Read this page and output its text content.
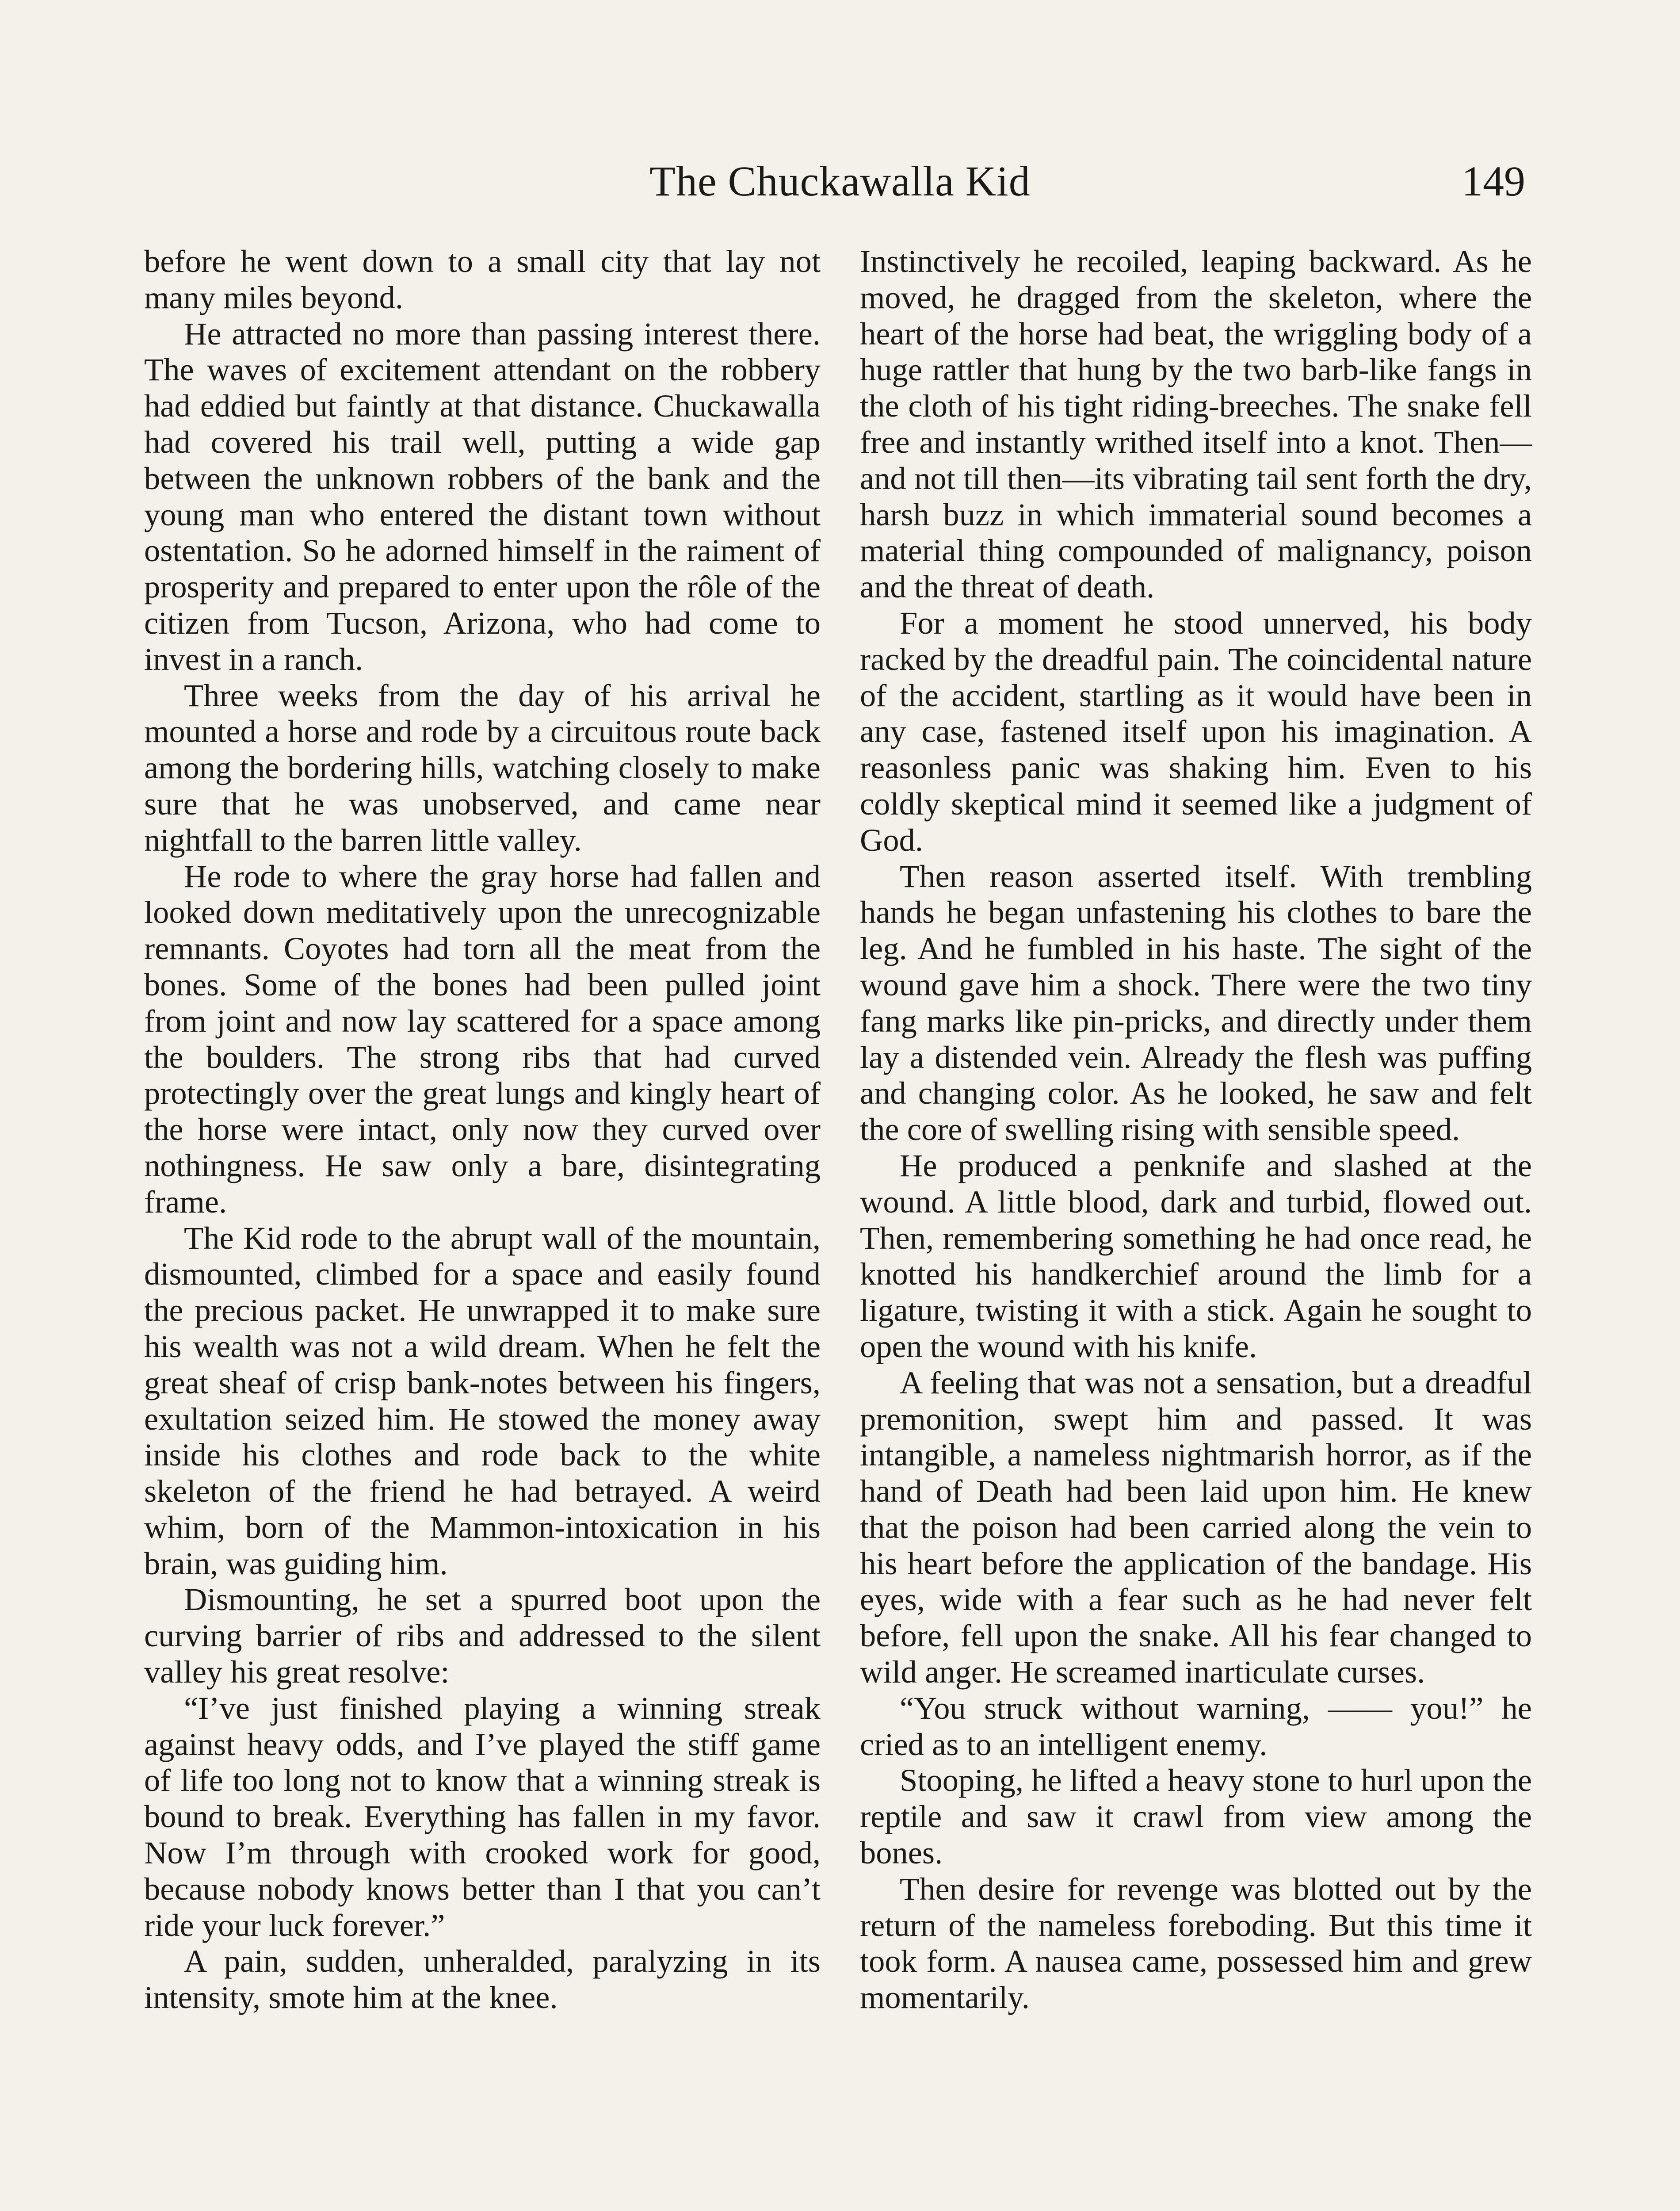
The Chuckawalla Kid	149

before he went down to a small city that lay not many miles beyond.

He attracted no more than passing interest there. The waves of excitement attendant on the robbery had eddied but faintly at that distance. Chuckawalla had covered his trail well, putting a wide gap between the unknown robbers of the bank and the young man who entered the distant town without ostentation. So he adorned himself in the raiment of prosperity and prepared to enter upon the rôle of the citizen from Tucson, Arizona, who had come to invest in a ranch.

Three weeks from the day of his arrival he mounted a horse and rode by a circuitous route back among the bordering hills, watching closely to make sure that he was unobserved, and came near nightfall to the barren little valley.

He rode to where the gray horse had fallen and looked down meditatively upon the unrecognizable remnants. Coyotes had torn all the meat from the bones. Some of the bones had been pulled joint from joint and now lay scattered for a space among the boulders. The strong ribs that had curved protectingly over the great lungs and kingly heart of the horse were intact, only now they curved over nothingness. He saw only a bare, disintegrating frame.

The Kid rode to the abrupt wall of the mountain, dismounted, climbed for a space and easily found the precious packet. He unwrapped it to make sure his wealth was not a wild dream. When he felt the great sheaf of crisp bank-notes between his fingers, exultation seized him. He stowed the money away inside his clothes and rode back to the white skeleton of the friend he had betrayed. A weird whim, born of the Mammon-intoxication in his brain, was guiding him.

Dismounting, he set a spurred boot upon the curving barrier of ribs and addressed to the silent valley his great resolve:

“I’ve just finished playing a winning streak against heavy odds, and I’ve played the stiff game of life too long not to know that a winning streak is bound to break. Everything has fallen in my favor. Now I’m through with crooked work for good, because nobody knows better than I that you can’t ride your luck forever.”

A pain, sudden, unheralded, paralyzing in its intensity, smote him at the knee.

Instinctively he recoiled, leaping backward. As he moved, he dragged from the skeleton, where the heart of the horse had beat, the wriggling body of a huge rattler that hung by the two barb-like fangs in the cloth of his tight riding-breeches. The snake fell free and instantly writhed itself into a knot. Then—and not till then—its vibrating tail sent forth the dry, harsh buzz in which immaterial sound becomes a material thing compounded of malignancy, poison and the threat of death.

For a moment he stood unnerved, his body racked by the dreadful pain. The coincidental nature of the accident, startling as it would have been in any case, fastened itself upon his imagination. A reasonless panic was shaking him. Even to his coldly skeptical mind it seemed like a judgment of God.

Then reason asserted itself. With trembling hands he began unfastening his clothes to bare the leg. And he fumbled in his haste. The sight of the wound gave him a shock. There were the two tiny fang marks like pin-pricks, and directly under them lay a distended vein. Already the flesh was puffing and changing color. As he looked, he saw and felt the core of swelling rising with sensible speed.

He produced a penknife and slashed at the wound. A little blood, dark and turbid, flowed out. Then, remembering something he had once read, he knotted his handkerchief around the limb for a ligature, twisting it with a stick. Again he sought to open the wound with his knife.

A feeling that was not a sensation, but a dreadful premonition, swept him and passed. It was intangible, a nameless nightmarish horror, as if the hand of Death had been laid upon him. He knew that the poison had been carried along the vein to his heart before the application of the bandage. His eyes, wide with a fear such as he had never felt before, fell upon the snake. All his fear changed to wild anger. He screamed inarticulate curses.

“You struck without warning, —— you!” he cried as to an intelligent enemy.

Stooping, he lifted a heavy stone to hurl upon the reptile and saw it crawl from view among the bones.

Then desire for revenge was blotted out by the return of the nameless foreboding. But this time it took form. A nausea came, possessed him and grew momentarily.
